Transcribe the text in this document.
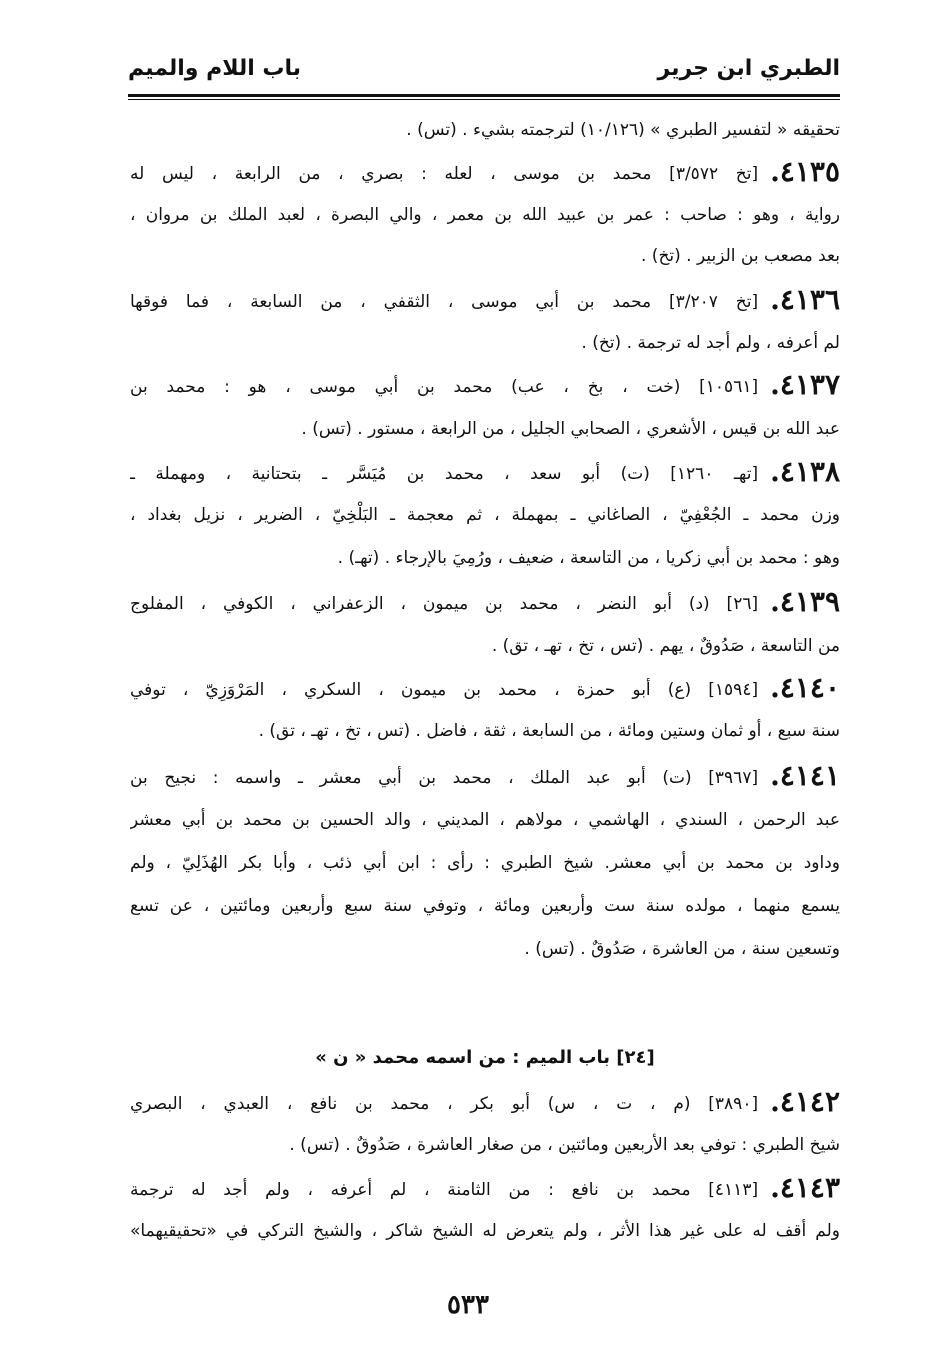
الطبري ابن جرير
باب اللام والميم
تحقيقه « لتفسير الطبري » (١٠/١٢٦) لترجمته بشيء . (تس) .
٤١٣٥.[تخ ٣/٥٧٢] محمد بن موسى ، لعله : بصري ، من الرابعة ، ليس له
رواية ، وهو : صاحب : عمر بن عبيد الله بن معمر ، والي البصرة ، لعبد الملك بن مروان ،
بعد مصعب بن الزبير . (تخ) .
٤١٣٦.[تخ ٣/٢٠٧] محمد بن أبي موسى ، الثقفي ، من السابعة ، فما فوقها
لم أعرفه ، ولم أجد له ترجمة . (تخ) .
٤١٣٧.[١٠٥٦١] (خت ، بخ ، عب) محمد بن أبي موسى ، هو : محمد بن
عبد الله بن قيس ، الأشعري ، الصحابي الجليل ، من الرابعة ، مستور . (تس) .
٤١٣٨.[تهـ ١٢٦٠] (ت) أبو سعد ، محمد بن مُيَسَّر ـ بتحتانية ، ومهملة ـ
وزن محمد ـ الجُعْفِيّ ، الصاغاني ـ بمهملة ، ثم معجمة ـ البَلْخِيّ ، الضرير ، نزيل بغداد ،
وهو : محمد بن أبي زكريا ، من التاسعة ، ضعيف ، ورُمِيَ بالإرجاء . (تهـ) .
٤١٣٩.[٢٦] (د) أبو النضر ، محمد بن ميمون ، الزعفراني ، الكوفي ، المفلوج
من التاسعة ، صَدُوقٌ ، يهم . (تس ، تخ ، تهـ ، تق) .
٤١٤٠.[١٥٩٤] (ع) أبو حمزة ، محمد بن ميمون ، السكري ، المَرْوَزِيّ ، توفي
سنة سبع ، أو ثمان وستين ومائة ، من السابعة ، ثقة ، فاضل . (تس ، تخ ، تهـ ، تق) .
٤١٤١.[٣٩٦٧] (ت) أبو عبد الملك ، محمد بن أبي معشر ـ واسمه : نجيح بن
عبد الرحمن ، السندي ، الهاشمي ، مولاهم ، المديني ، والد الحسين بن محمد بن أبي معشر
وداود بن محمد بن أبي معشر. شيخ الطبري : رأى : ابن أبي ذئب ، وأبا بكر الهُذَلِيّ ، ولم
يسمع منهما ، مولده سنة ست وأربعين ومائة ، وتوفي سنة سبع وأربعين ومائتين ، عن تسع
وتسعين سنة ، من العاشرة ، صَدُوقٌ . (تس) .
٤١٤٢.[٣٨٩٠] (م ، ت ، س) أبو بكر ، محمد بن نافع ، العبدي ، البصري
شيخ الطبري : توفي بعد الأربعين ومائتين ، من صغار العاشرة ، صَدُوقٌ . (تس) .
٤١٤٣.[٤١١٣] محمد بن نافع : من الثامنة ، لم أعرفه ، ولم أجد له ترجمة
ولم أقف له على غير هذا الأثر ، ولم يتعرض له الشيخ شاكر ، والشيخ التركي في «تحقيقيهما»
[٢٤] باب الميم : من اسمه محمد « ن »
٥٣٣
